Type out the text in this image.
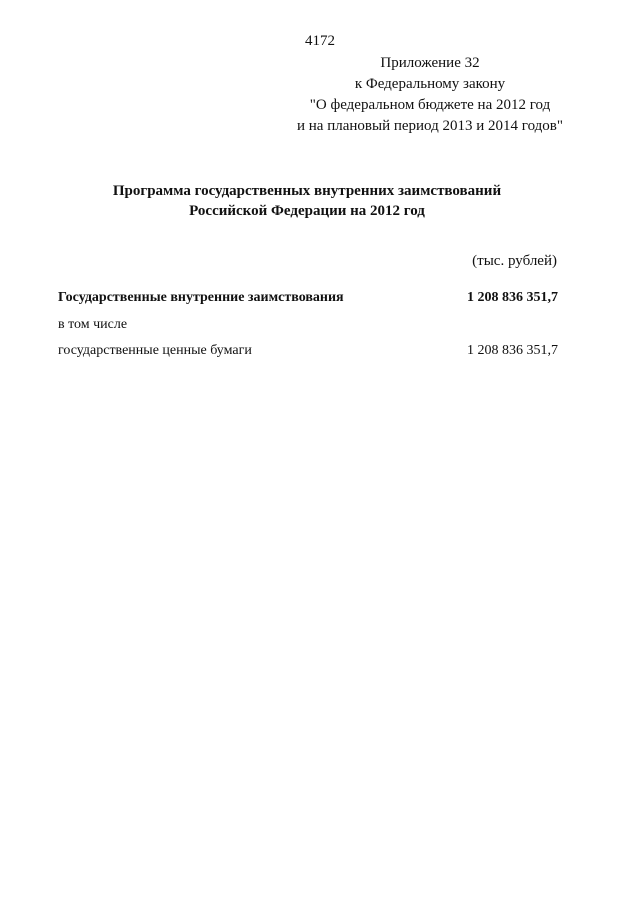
4172
Приложение 32
к Федеральному закону
"О федеральном бюджете на 2012 год
и на плановый период 2013 и 2014 годов"
Программа государственных внутренних заимствований
Российской Федерации на 2012 год
(тыс. рублей)
Государственные внутренние заимствования	1 208 836 351,7
в том числе
государственные ценные бумаги	1 208 836 351,7
